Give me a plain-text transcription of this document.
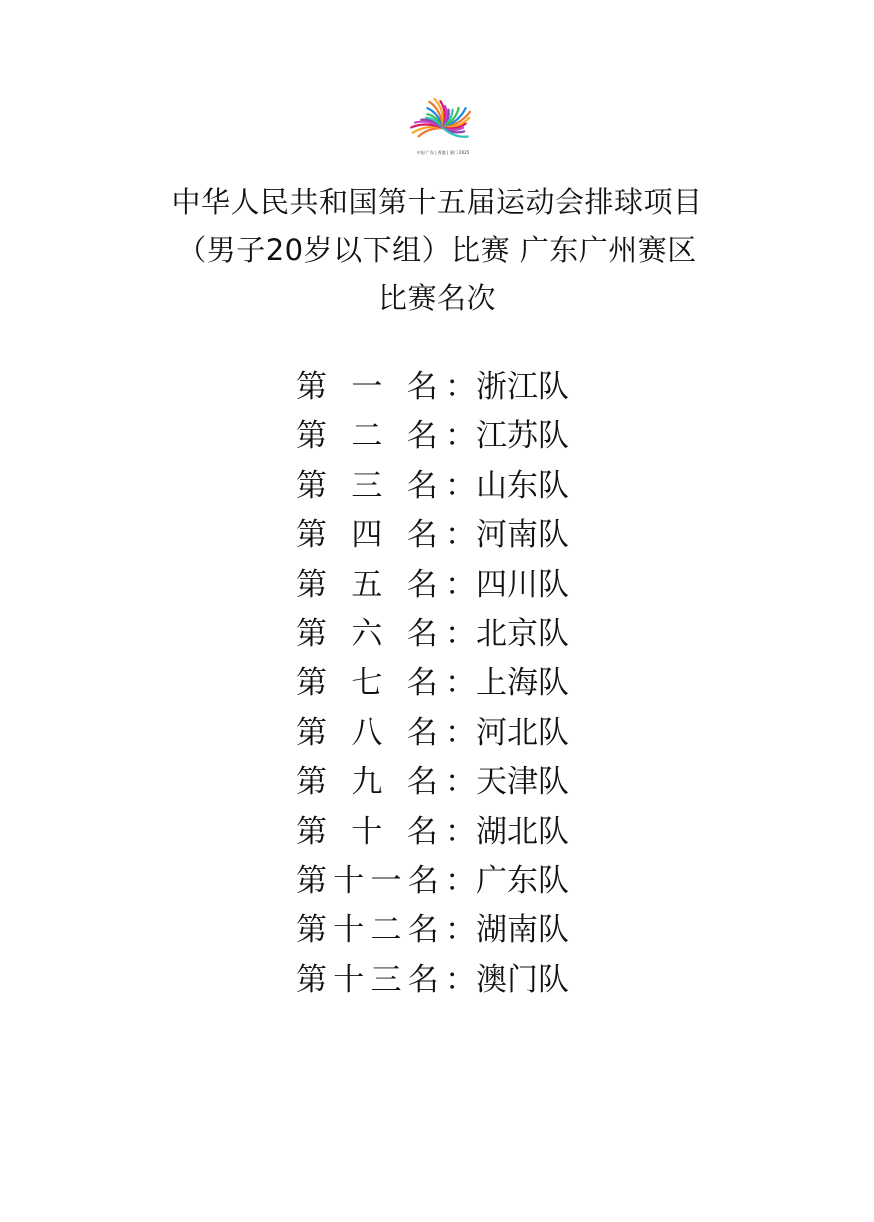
中国 广东 | 香港 | 澳门 2025
中华人民共和国第十五届运动会排球项目
（男子20岁以下组）比赛 广东广州赛区
比赛名次
第 一 名： 浙江队
第 二 名： 江苏队
第 三 名： 山东队
第 四 名： 河南队
第 五 名： 四川队
第 六 名： 北京队
第 七 名： 上海队
第 八 名： 河北队
第 九 名： 天津队
第 十 名： 湖北队
第十一名： 广东队
第十二名： 湖南队
第十三名： 澳门队
